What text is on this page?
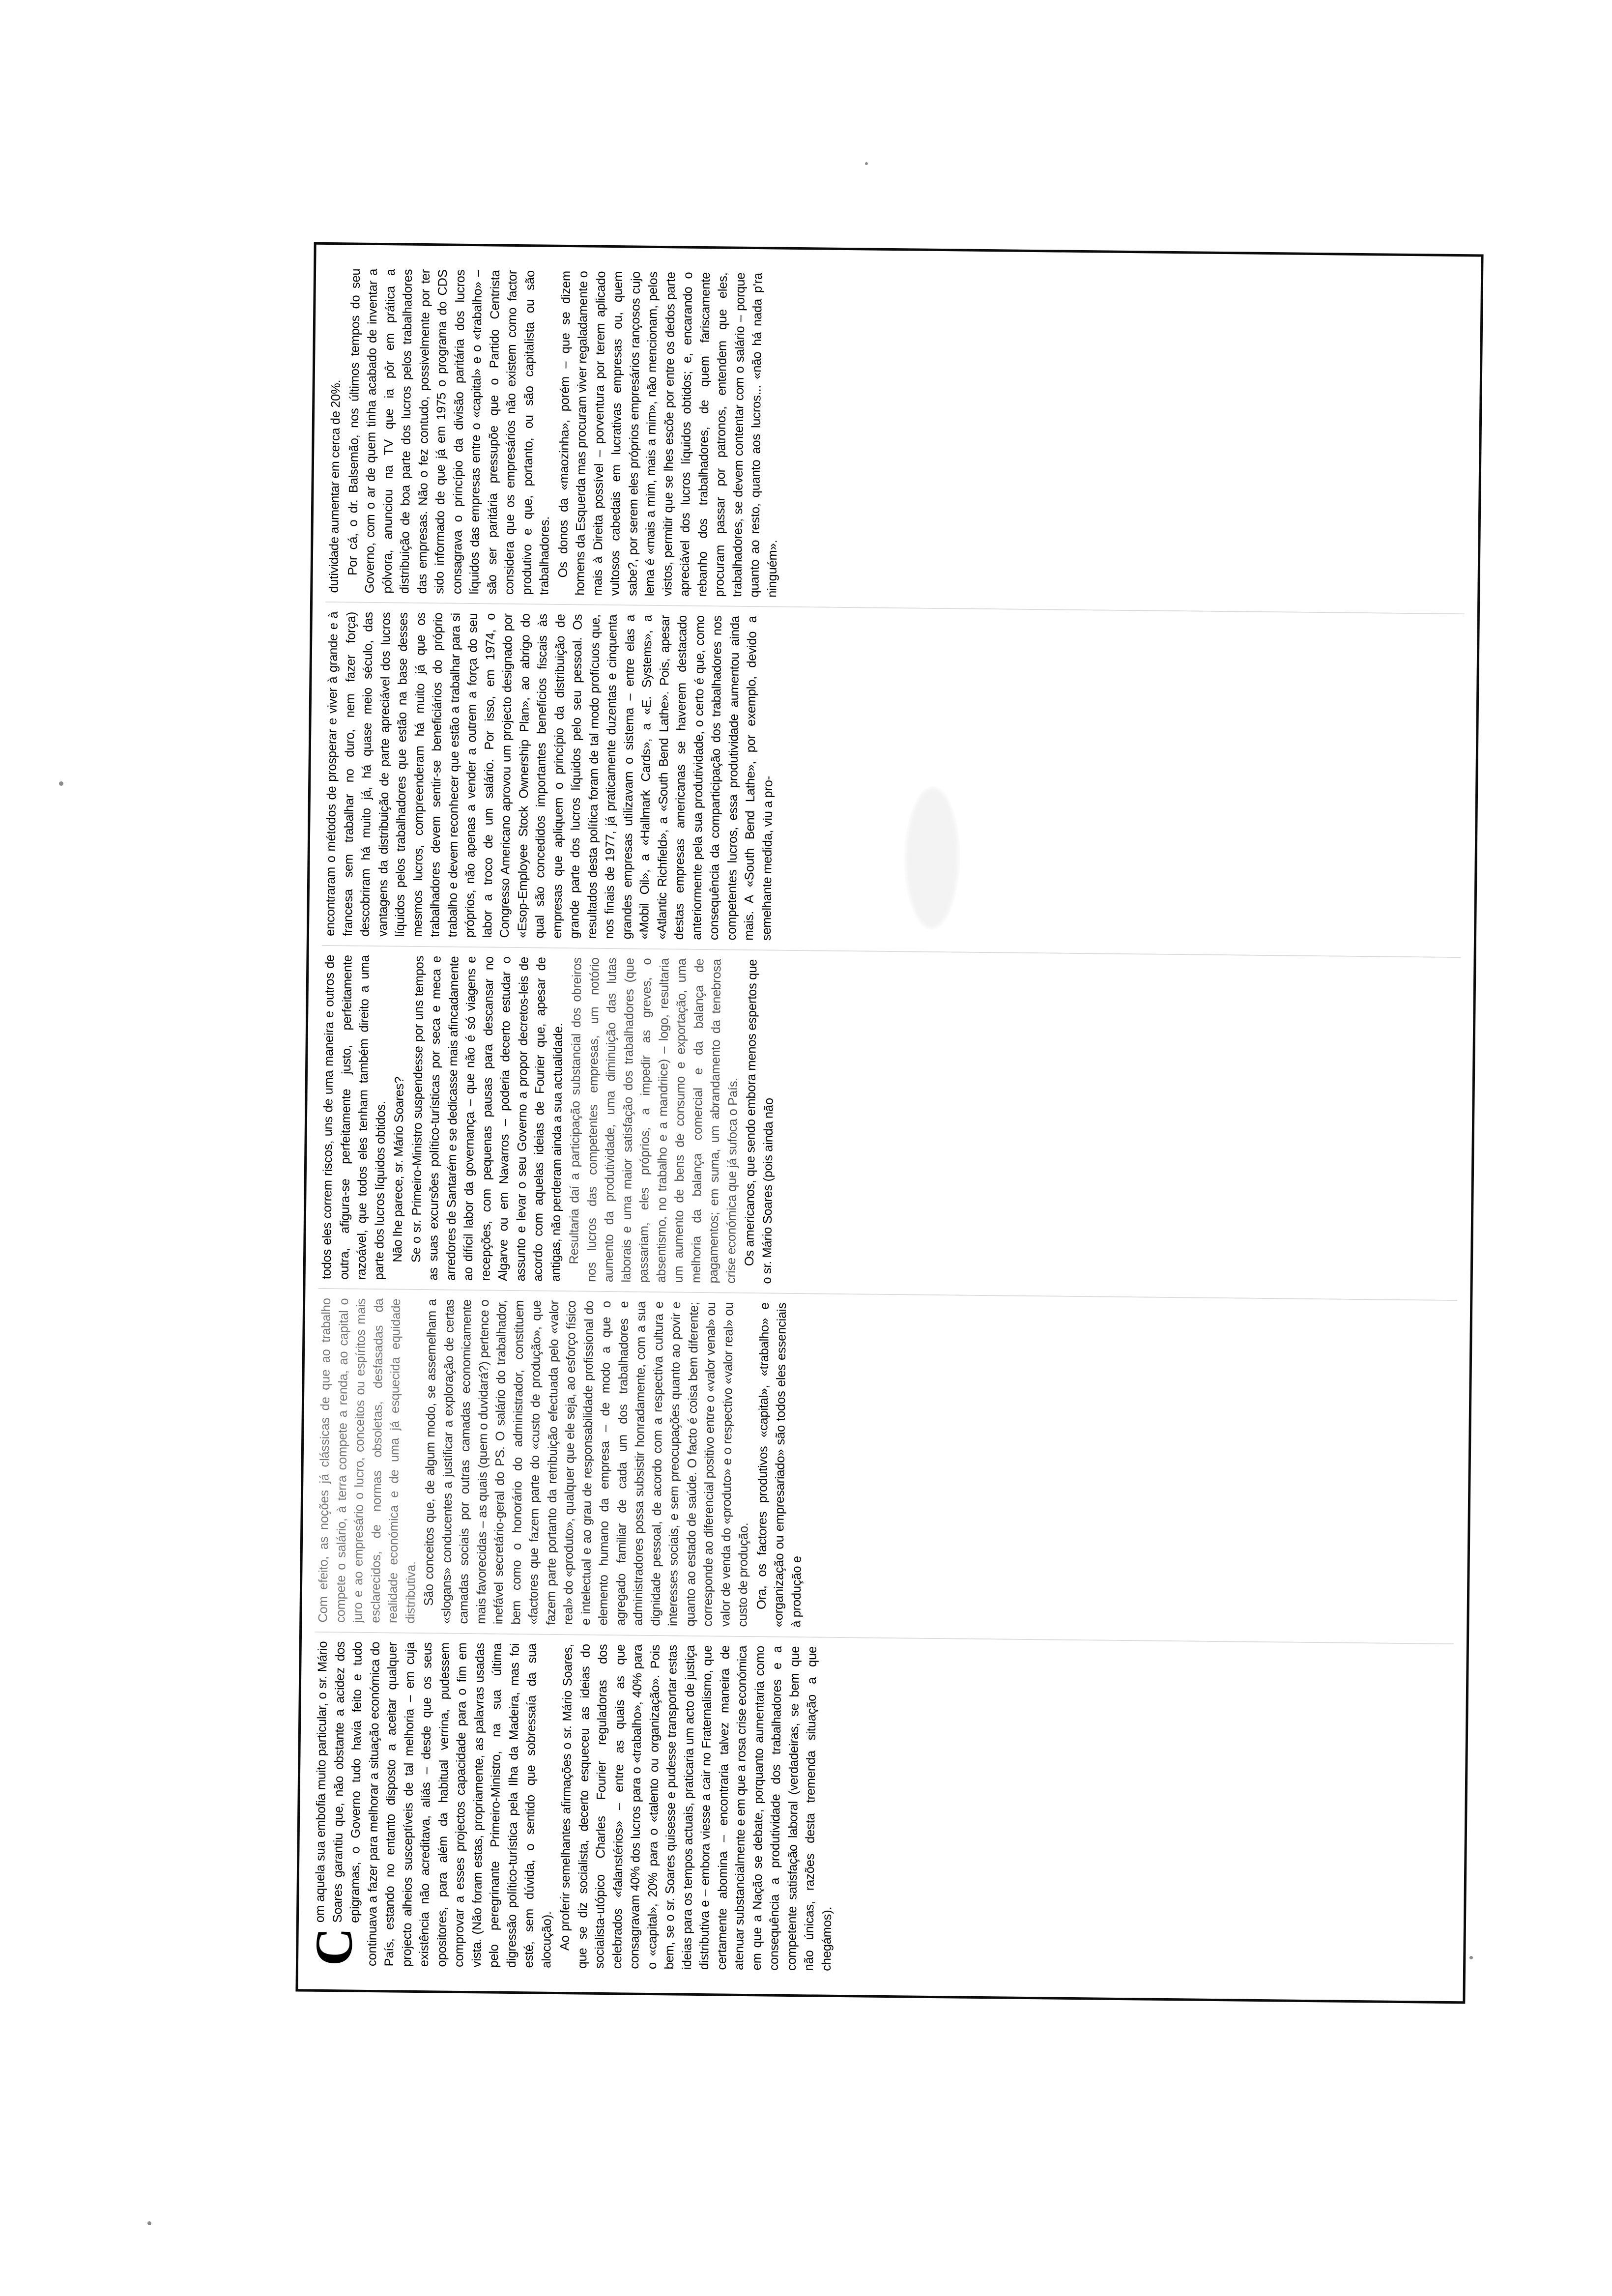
Com aquela sua embofia muito particular, o sr. Mário Soares garantiu que, não obstante a acidez dos epigramas, o Governo tudo havia feito e tudo continuava a fazer para melhorar a situação económica do País, estando no entanto disposto a aceitar qualquer projecto alheios susceptíveis de tal melhoria – em cuja existência não acreditava, aliás – desde que os seus opositores, para além da habitual verrina, pudessem comprovar a esses projectos capacidade para o fim em vista. (Não foram estas, propriamente, as palavras usadas pelo peregrinante Primeiro-Ministro, na sua última digressão político-turística pela Ilha da Madeira, mas foi esté, sem dúvida, o sentido que sobressaía da sua alocução). Ao proferir semelhantes afirmações o sr. Mário Soares, que se diz socialista, decerto esqueceu as ideias do socialista-utópico Charles Fourier reguladoras dos celebrados «falanstérios» – entre as quais as que consagravam 40% dos lucros para o «trabalho», 40% para o «capital», 20% para o «talento ou organização». Pois bem, se o sr. Soares quisesse e pudesse transportar estas ideias para os tempos actuais, praticaria um acto de justiça distributiva e – embora viesse a cair no Fraternalismo, que certamente abomina – encontraria talvez maneira de atenuar substancialmente e em que a rosa crise económica em que a Nação se debate, porquanto aumentaria como consequência a produtividade dos trabalhadores e a competente satisfação laboral (verdadeiras, se bem que não únicas, razões desta tremenda situação a que chegámos).

Com efeito, as noções já clássicas de que ao trabalho compete o salário, à terra compete a renda, ao capital o juro e ao empresário o lucro, conceitos ou espíritos mais esclarecidos, de normas obsoletas, desfasadas da realidade económica e de uma já esquecida equidade distributiva. São conceitos que, de algum modo, se assemelham a «slogans» conducentes a justificar a exploração de certas camadas sociais por outras camadas economicamente mais favorecidas – as quais (quem o duvidará?) pertence o inefável secretário-geral do PS. O salário do trabalhador, bem como o honorário do administrador, constituem «factores que fazem parte do «custo de produção», que fazem parte portanto da retribuição efectuada pelo «valor real» do «produto», qualquer que ele seja, ao esforço físico e intelectual e ao grau de responsabilidade profissional do elemento humano da empresa – de modo a que o agregado familiar de cada um dos trabalhadores e administradores possa subsistir honradamente, com a sua dignidade pessoal, de acordo com a respectiva cultura e interesses sociais, e sem preocupações quanto ao povir e quanto ao estado de saúde. O facto é coisa bem diferente; corresponde ao diferencial positivo entre o «valor venal» ou valor de venda do «produto» e o respectivo «valor real» ou custo de produção. Ora, os factores produtivos «capital», «trabalho» e «organização ou empresariado» são todos eles essenciais à produção e

todos eles correm riscos, uns de uma maneira e outros de outra, afigura-se perfeitamente justo, perfeitamente razoável, que todos eles tenham também direito a uma parte dos lucros líquidos obtidos. Não lhe parece, sr. Mário Soares? Se o sr. Primeiro-Ministro suspendesse por uns tempos as suas excursões político-turísticas por seca e meca e arredores de Santarém e se dedicasse mais afincadamente ao difícil labor da governança – que não é só viagens e recepções, com pequenas pausas para descansar no Algarve ou em Navarros – poderia decerto estudar o assunto e levar o seu Governo a propor decretos-leis de acordo com aquelas ideias de Fourier que, apesar de antigas, não perderam ainda a sua actualidade. Resultaria daí a participação substancial dos obreiros nos lucros das competentes empresas, um notório aumento da produtividade, uma diminuição das lutas laborais e uma maior satisfação dos trabalhadores (que passariam, eles próprios, a impedir as greves, o absentismo, no trabalho e a mandriice) – logo, resultaria um aumento de bens de consumo e exportação, uma melhoria da balança comercial e da balança de pagamentos; em suma, um abrandamento da tenebrosa crise económica que já sufoca o País. Os americanos, que sendo embora menos espertos que o sr. Mário Soares (pois ainda não

encontraram o métodos de prosperar e viver à grande e à francesa sem trabalhar no duro, nem fazer força) descobriram há muito já, há quase meio século, das vantagens da distribuição de parte apreciável dos lucros líquidos pelos trabalhadores que estão na base desses mesmos lucros, compreenderam há muito já que os trabalhadores devem sentir-se beneficiários do próprio trabalho e devem reconhecer que estão a trabalhar para si próprios, não apenas a vender a outrem a força do seu labor a troco de um salário. Por isso, em 1974, o Congresso Americano aprovou um projecto designado por «Esop-Employee Stock Ownership Plan», ao abrigo do qual são concedidos importantes benefícios fiscais às empresas que apliquem o princípio da distribuição de grande parte dos lucros líquidos pelo seu pessoal. Os resultados desta política foram de tal modo profícuos que, nos finais de 1977, já praticamente duzentas e cinquenta grandes empresas utilizavam o sistema – entre elas a «Mobil Oil», a «Hallmark Cards», a «E. Systems», a «Atlantic Richfield», a «South Bend Lathe». Pois, apesar destas empresas americanas se haverem destacado anteriormente pela sua produtividade, o certo é que, como consequência da comparticipação dos trabalhadores nos competentes lucros, essa produtividade aumentou ainda mais. A «South Bend Lathe», por exemplo, devido a semelhante medida, viu a pro-

dutividade aumentar em cerca de 20%. Por cá, o dr. Balsemão, nos últimos tempos do seu Governo, com o ar de quem tinha acabado de inventar a pólvora, anunciou na TV que ia pôr em prática a distribuição de boa parte dos lucros pelos trabalhadores das empresas. Não o fez contudo, possivelmente por ter sido informado de que já em 1975 o programa do CDS consagrava o princípio da divisão paritária dos lucros líquidos das empresas entre o «capital» e o «trabalho» – são ser paritária pressupõe que o Partido Centrista considera que os empresários não existem como factor produtivo e que, portanto, ou são capitalista ou são trabalhadores. Os donos da «maozinha», porém – que se dizem homens da Esquerda mas procuram viver regaladamente o mais à Direita possível – porventura por terem aplicado vultosos cabedais em lucrativas empresas ou, quem sabe?, por serem eles próprios empresários rançosos cujo lema é «mais a mim, mais a mim», não mencionam, pelos vistos, permitir que se lhes escõe por entre os dedos parte apreciável dos lucros líquidos obtidos; e, encarando o rebanho dos trabalhadores, de quem fariscamente procuram passar por patronos, entendem que eles, trabalhadores, se devem contentar com o salário – porque quanto ao resto, quanto aos lucros... «não há nada p'ra ninguém».
